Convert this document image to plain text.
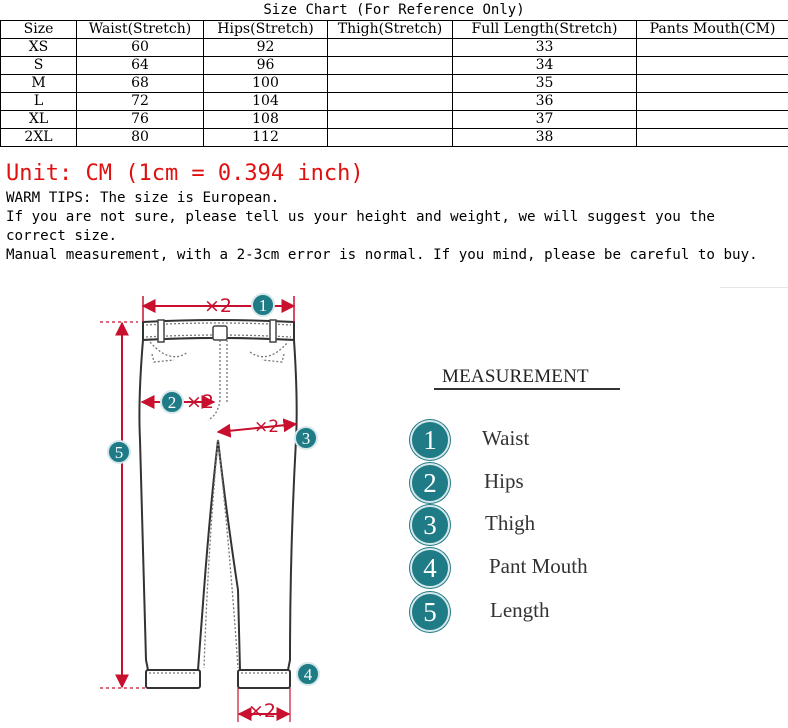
Size Chart (For Reference Only)
Size	Waist(Stretch)	Hips(Stretch)	Thigh(Stretch)	Full Length(Stretch)	Pants Mouth(CM)
XS	60	92		33	
S	64	96		34	
M	68	100		35	
L	72	104		36	
XL	76	108		37	
2XL	80	112		38	
Unit: CM (1cm = 0.394 inch)

WARM TIPS: The size is European.

If you are not sure, please tell us your height and weight, we will suggest you the correct size.

Manual measurement, with a 2-3cm error is normal. If you mind, please be careful to buy.

×2 1
2 ×2
×2
3
5
×2
4
MEASUREMENT
1	Waist
2	Hips
3	Thigh
4	Pant Mouth
5	Length
